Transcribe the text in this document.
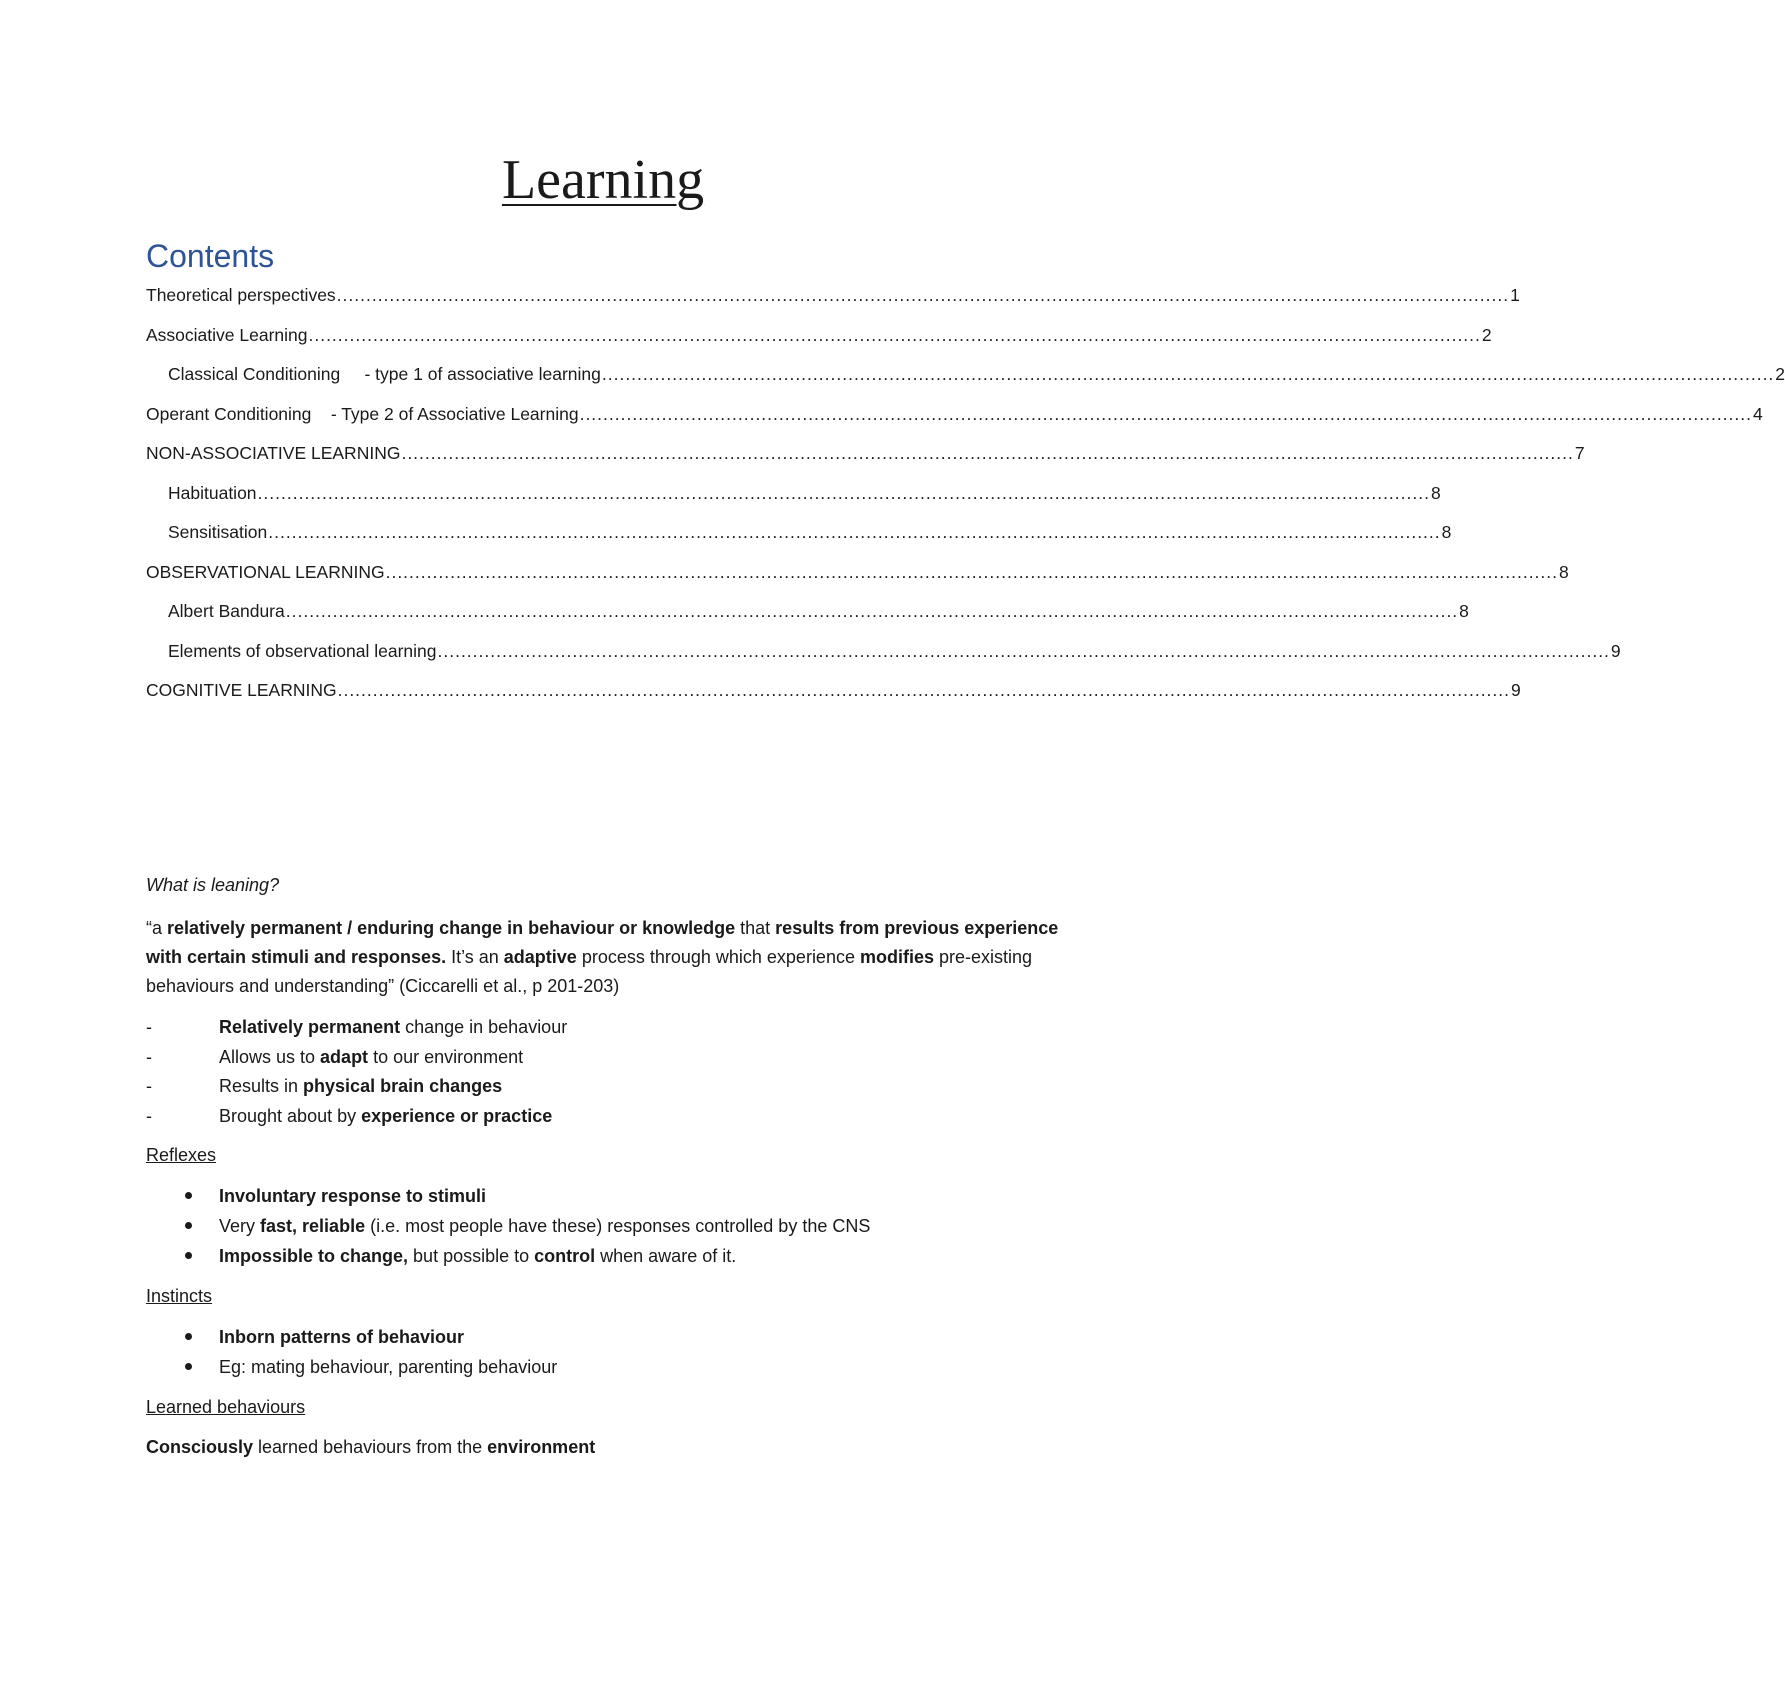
Learning
Contents
Theoretical perspectives ........................................................................................................................................................................................................ 1
Associative Learning ........................................................................................................................................................................................................ 2
Classical Conditioning     - type 1 of associative learning ........................................................................................................................................................................................................ 2
Operant Conditioning    - Type 2 of Associative Learning ........................................................................................................................................................................................................ 4
NON-ASSOCIATIVE LEARNING ........................................................................................................................................................................................................ 7
Habituation ........................................................................................................................................................................................................ 8
Sensitisation ........................................................................................................................................................................................................ 8
OBSERVATIONAL LEARNING ........................................................................................................................................................................................................ 8
Albert Bandura ........................................................................................................................................................................................................ 8
Elements of observational learning ........................................................................................................................................................................................................ 9
COGNITIVE LEARNING ........................................................................................................................................................................................................ 9

What is leaning?

“a relatively permanent / enduring change in behaviour or knowledge that results from previous experience with certain stimuli and responses. It’s an adaptive process through which experience modifies pre-existing behaviours and understanding” (Ciccarelli et al., p 201-203)

-	Relatively permanent change in behaviour
-	Allows us to adapt to our environment
-	Results in physical brain changes
-	Brought about by experience or practice

Reflexes

Involuntary response to stimuli
Very fast, reliable (i.e. most people have these) responses controlled by the CNS
Impossible to change, but possible to control when aware of it.

Instincts

Inborn patterns of behaviour
Eg: mating behaviour, parenting behaviour

Learned behaviours

Consciously learned behaviours from the environment
